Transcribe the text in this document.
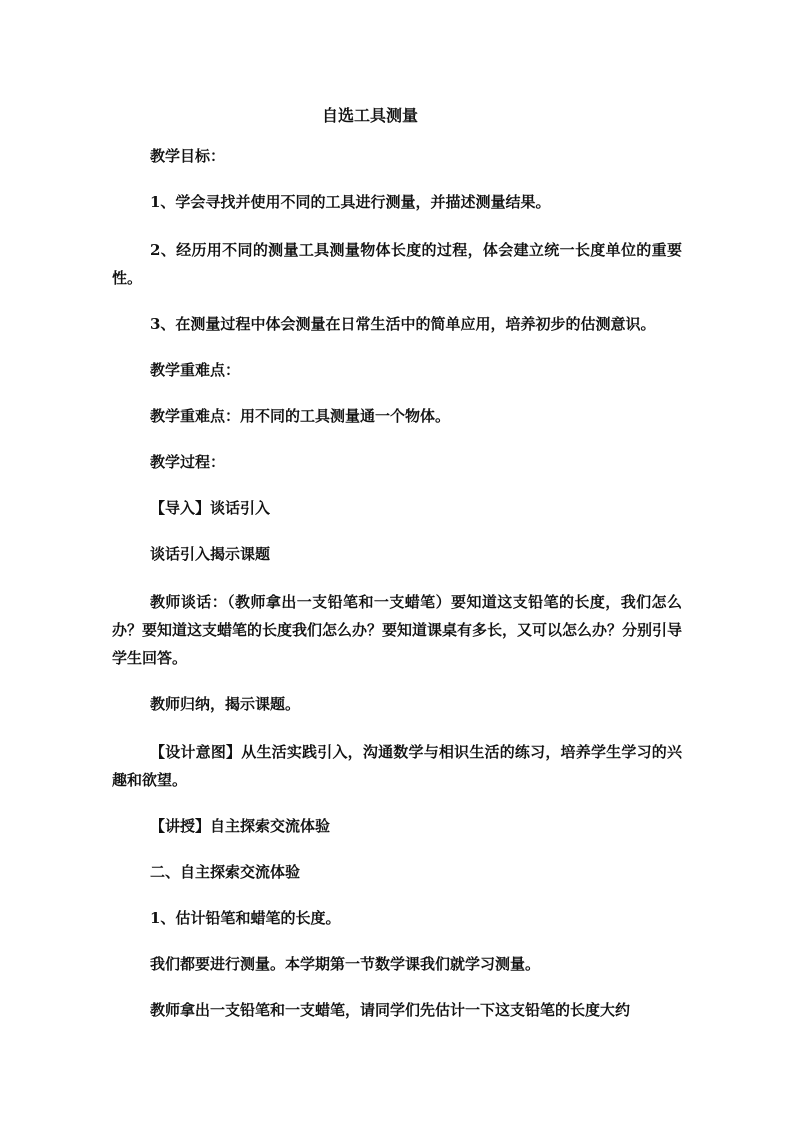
自选工具测量

教学目标：

1、学会寻找并使用不同的工具进行测量，并描述测量结果。

2、经历用不同的测量工具测量物体长度的过程，体会建立统一长度单位的重要性。

3、在测量过程中体会测量在日常生活中的简单应用，培养初步的估测意识。

教学重难点：

教学重难点：用不同的工具测量通一个物体。

教学过程：

【导入】谈话引入

谈话引入揭示课题

教师谈话：（教师拿出一支铅笔和一支蜡笔）要知道这支铅笔的长度，我们怎么办？要知道这支蜡笔的长度我们怎么办？要知道课桌有多长，又可以怎么办？分别引导学生回答。

教师归纳，揭示课题。

【设计意图】从生活实践引入，沟通数学与相识生活的练习，培养学生学习的兴趣和欲望。

【讲授】自主探索交流体验

二、自主探索交流体验

1、估计铅笔和蜡笔的长度。

我们都要进行测量。本学期第一节数学课我们就学习测量。

教师拿出一支铅笔和一支蜡笔，请同学们先估计一下这支铅笔的长度大约
